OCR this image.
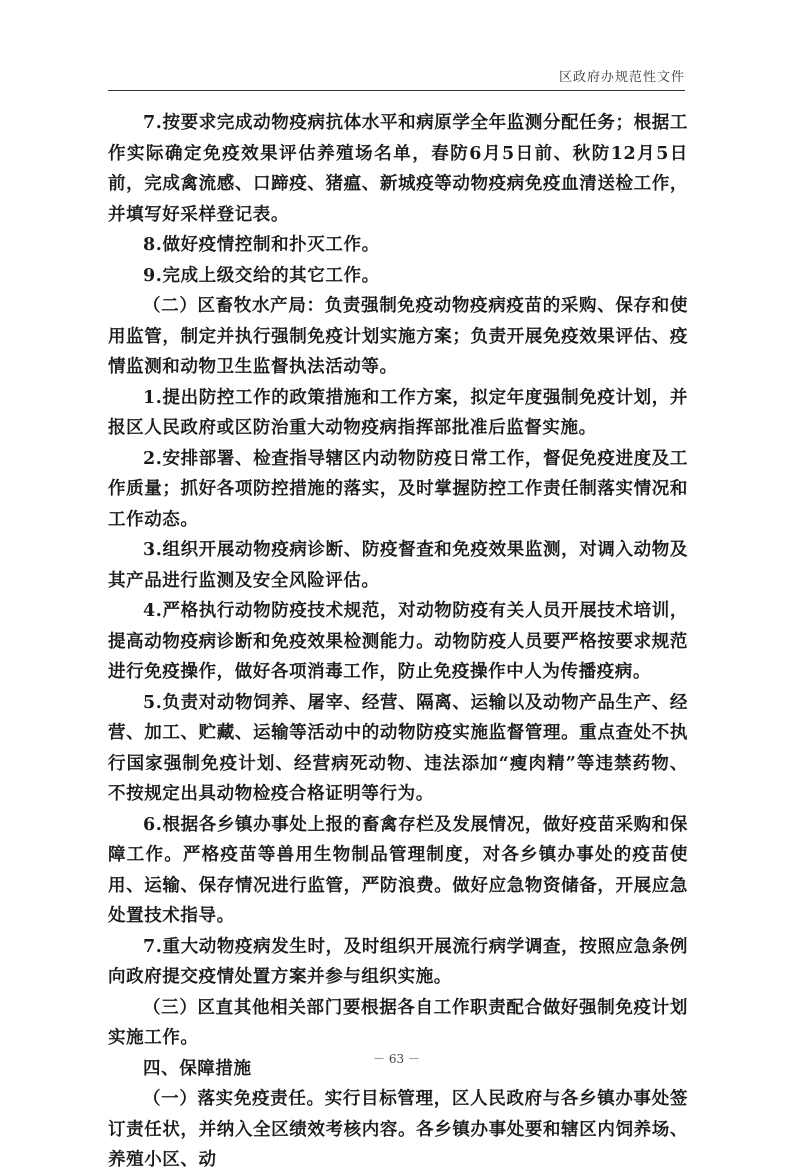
区政府办规范性文件

7.按要求完成动物疫病抗体水平和病原学全年监测分配任务；根据工作实际确定免疫效果评估养殖场名单，春防6月5日前、秋防12月5日前，完成禽流感、口蹄疫、猪瘟、新城疫等动物疫病免疫血清送检工作，并填写好采样登记表。

8.做好疫情控制和扑灭工作。

9.完成上级交给的其它工作。

（二）区畜牧水产局：负责强制免疫动物疫病疫苗的采购、保存和使用监管，制定并执行强制免疫计划实施方案；负责开展免疫效果评估、疫情监测和动物卫生监督执法活动等。

1.提出防控工作的政策措施和工作方案，拟定年度强制免疫计划，并报区人民政府或区防治重大动物疫病指挥部批准后监督实施。

2.安排部署、检查指导辖区内动物防疫日常工作，督促免疫进度及工作质量；抓好各项防控措施的落实，及时掌握防控工作责任制落实情况和工作动态。

3.组织开展动物疫病诊断、防疫督查和免疫效果监测，对调入动物及其产品进行监测及安全风险评估。

4.严格执行动物防疫技术规范，对动物防疫有关人员开展技术培训，提高动物疫病诊断和免疫效果检测能力。动物防疫人员要严格按要求规范进行免疫操作，做好各项消毒工作，防止免疫操作中人为传播疫病。

5.负责对动物饲养、屠宰、经营、隔离、运输以及动物产品生产、经营、加工、贮藏、运输等活动中的动物防疫实施监督管理。重点查处不执行国家强制免疫计划、经营病死动物、违法添加“瘦肉精”等违禁药物、不按规定出具动物检疫合格证明等行为。

6.根据各乡镇办事处上报的畜禽存栏及发展情况，做好疫苗采购和保障工作。严格疫苗等兽用生物制品管理制度，对各乡镇办事处的疫苗使用、运输、保存情况进行监管，严防浪费。做好应急物资储备，开展应急处置技术指导。

7.重大动物疫病发生时，及时组织开展流行病学调查，按照应急条例向政府提交疫情处置方案并参与组织实施。

（三）区直其他相关部门要根据各自工作职责配合做好强制免疫计划实施工作。

四、保障措施

（一）落实免疫责任。实行目标管理，区人民政府与各乡镇办事处签订责任状，并纳入全区绩效考核内容。各乡镇办事处要和辖区内饲养场、养殖小区、动

－ 63 －
